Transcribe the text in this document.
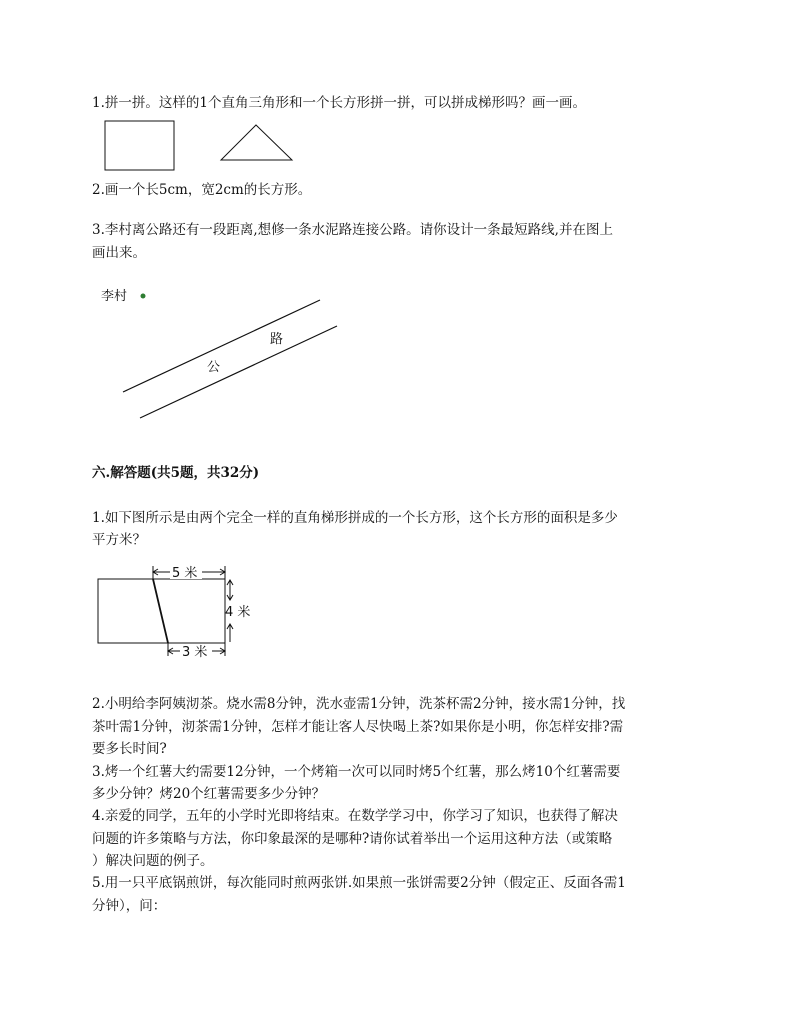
1.拼一拼。这样的1个直角三角形和一个长方形拼一拼，可以拼成梯形吗？画一画。
2.画一个长5cm，宽2cm的长方形。
3.李村离公路还有一段距离,想修一条水泥路连接公路。请你设计一条最短路线,并在图上
画出来。
李村
路
公
六.解答题(共5题，共32分)
1.如下图所示是由两个完全一样的直角梯形拼成的一个长方形，这个长方形的面积是多少
平方米？
5 米
4 米
3 米
2.小明给李阿姨沏茶。烧水需8分钟，洗水壶需1分钟，洗茶杯需2分钟，接水需1分钟，找
茶叶需1分钟，沏茶需1分钟，怎样才能让客人尽快喝上茶?如果你是小明，你怎样安排?需
要多长时间?
3.烤一个红薯大约需要12分钟，一个烤箱一次可以同时烤5个红薯，那么烤10个红薯需要
多少分钟？烤20个红薯需要多少分钟？
4.亲爱的同学，五年的小学时光即将结束。在数学学习中，你学习了知识，也获得了解决
问题的许多策略与方法，你印象最深的是哪种?请你试着举出一个运用这种方法（或策略
）解决问题的例子。
5.用一只平底锅煎饼，每次能同时煎两张饼.如果煎一张饼需要2分钟（假定正、反面各需1
分钟），问：
